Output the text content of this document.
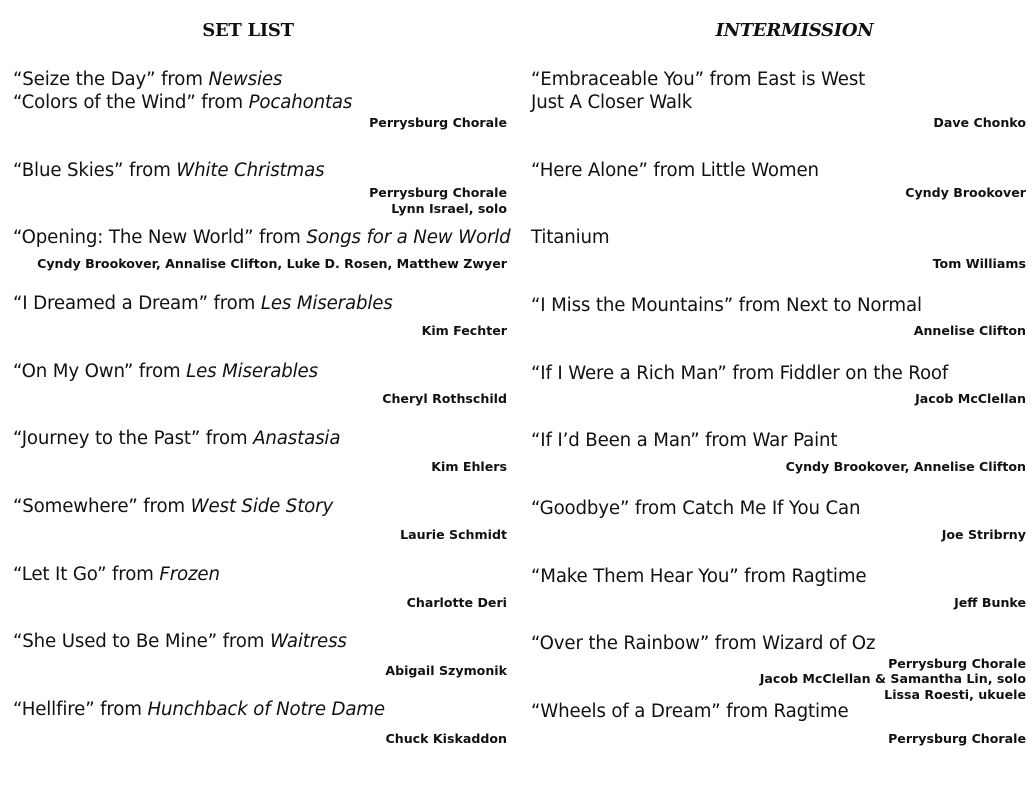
SET LIST
“Seize the Day” from Newsies
“Colors of the Wind” from Pocahontas
Perrysburg Chorale
“Blue Skies” from White Christmas
Perrysburg Chorale
Lynn Israel, solo
“Opening: The New World” from Songs for a New World
Cyndy Brookover, Annalise Clifton, Luke D. Rosen, Matthew Zwyer
“I Dreamed a Dream” from Les Miserables
Kim Fechter
“On My Own” from Les Miserables
Cheryl Rothschild
“Journey to the Past” from Anastasia
Kim Ehlers
“Somewhere” from West Side Story
Laurie Schmidt
“Let It Go” from Frozen
Charlotte Deri
“She Used to Be Mine” from Waitress
Abigail Szymonik
“Hellfire” from Hunchback of Notre Dame
Chuck Kiskaddon
INTERMISSION
“Embraceable You” from East is West
Just A Closer Walk
Dave Chonko
“Here Alone” from Little Women
Cyndy Brookover
Titanium
Tom Williams
“I Miss the Mountains” from Next to Normal
Annelise Clifton
“If I Were a Rich Man” from Fiddler on the Roof
Jacob McClellan
“If I’d Been a Man” from War Paint
Cyndy Brookover, Annelise Clifton
“Goodbye” from Catch Me If You Can
Joe Stribrny
“Make Them Hear You” from Ragtime
Jeff Bunke
“Over the Rainbow” from Wizard of Oz
Perrysburg Chorale
Jacob McClellan & Samantha Lin, solo
Lissa Roesti, ukuele
“Wheels of a Dream” from Ragtime
Perrysburg Chorale
